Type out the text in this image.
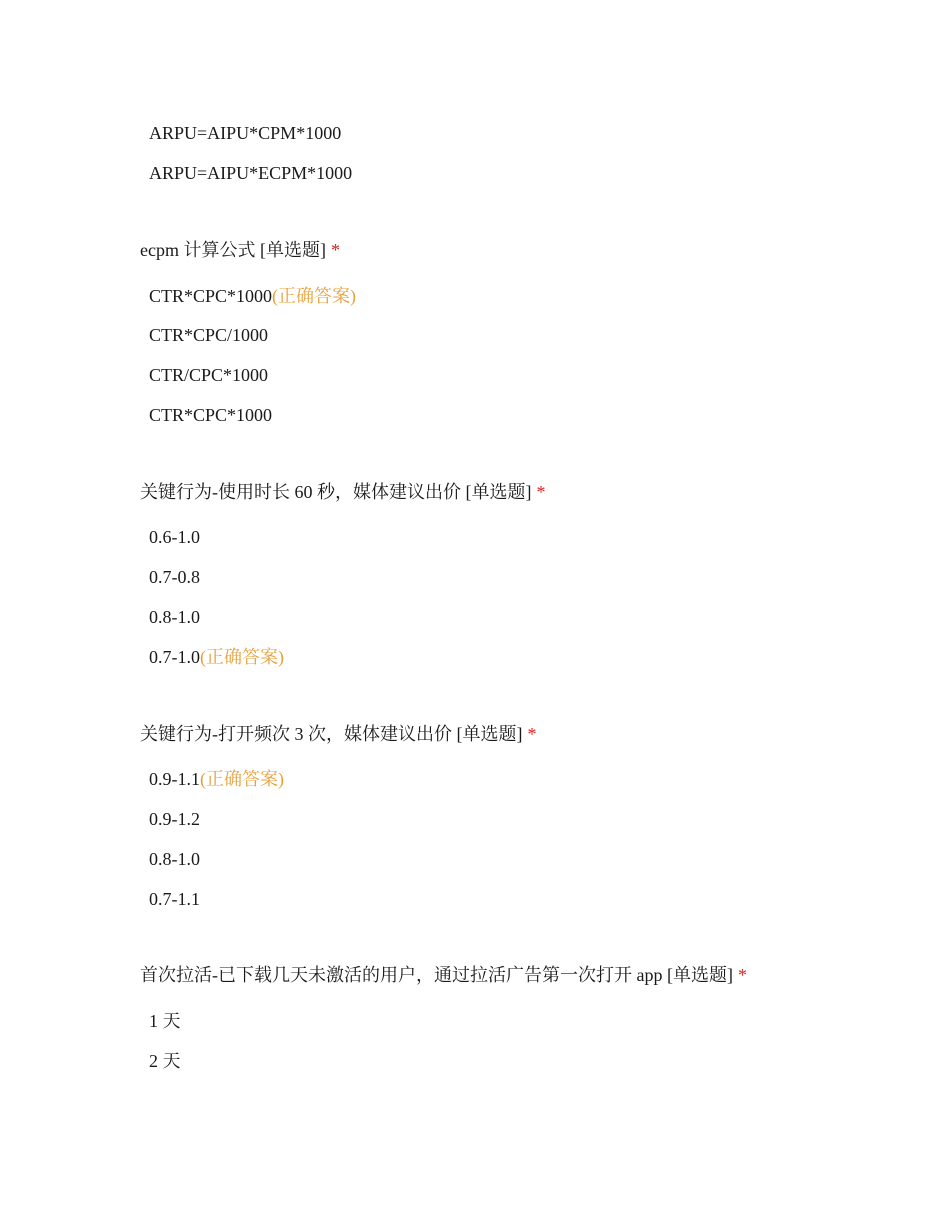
ARPU=AIPU*CPM*1000
ARPU=AIPU*ECPM*1000
ecpm 计算公式 [单选题] *
CTR*CPC*1000(正确答案)
CTR*CPC/1000
CTR/CPC*1000
CTR*CPC*1000
关键行为-使用时长 60 秒，媒体建议出价 [单选题] *
0.6-1.0
0.7-0.8
0.8-1.0
0.7-1.0(正确答案)
关键行为-打开频次 3 次，媒体建议出价 [单选题] *
0.9-1.1(正确答案)
0.9-1.2
0.8-1.0
0.7-1.1
首次拉活-已下载几天未激活的用户，通过拉活广告第一次打开 app [单选题] *
1 天
2 天
